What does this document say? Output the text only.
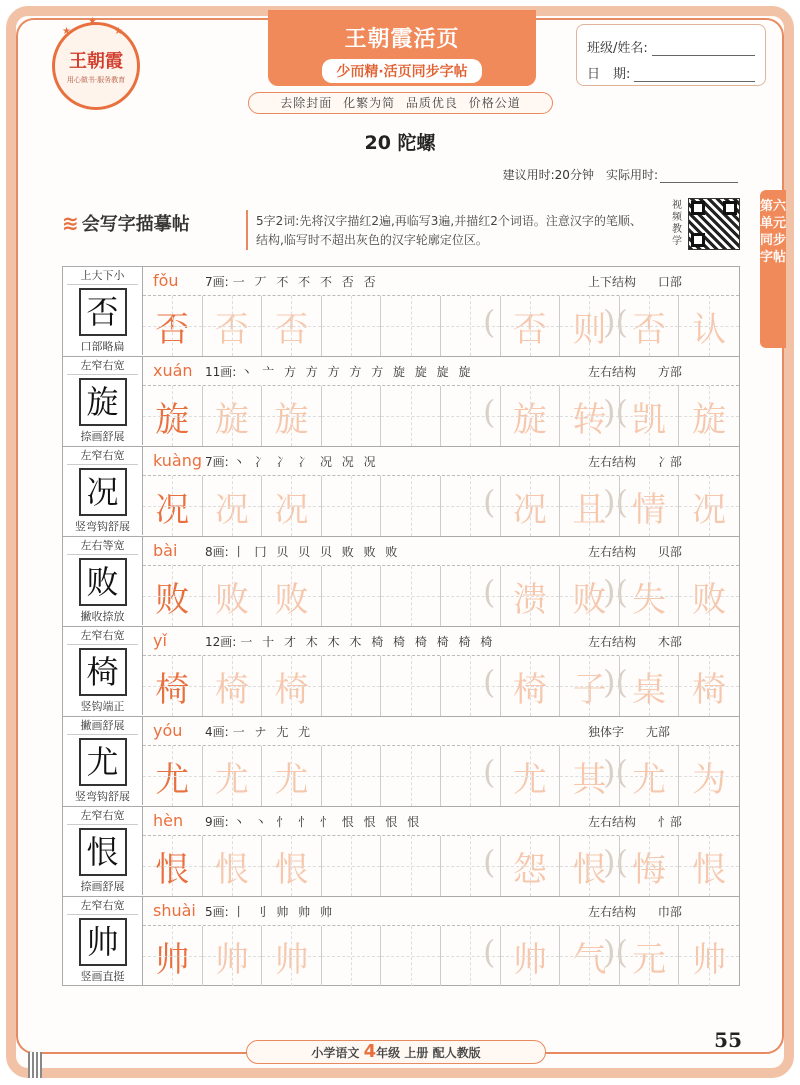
王朝霞
用心做书·服务教育
★
★
★	王朝霞活页
少而精·活页同步字帖
去除封面 化繁为简 品质优良 价格公道
班级/姓名:
日　期:
20 陀螺
建议用时:20分钟 实际用时:
第六单元同步字帖
≋ 会写字描摹帖	5字2词:先将汉字描红2遍,再临写3遍,并描红2个词语。注意汉字的笔顺、结构,临写时不超出灰色的汉字轮廓定位区。
视频教学
上大下小
否
口部略扁
fǒu	7画: 一 丆 不 不 不 否 否	上下结构 口部
否 否 否	否 则 否 认
(	)(
左窄右宽
旋
捺画舒展
xuán	11画: 丶 亠 方 方 方 方 方 旋 旋 旋 旋	左右结构 方部
旋 旋 旋	旋 转 凯 旋
(	)(
左窄右宽
况
竖弯钩舒展
kuàng 7画: 丶 冫 冫 冫 况 况 况	左右结构 冫部
况 况 况	况 且 情 况
(	)(
左右等宽
败
撇收捺放
bài	8画: 丨 冂 贝 贝 贝 败 败 败	左右结构 贝部
败 败 败	溃 败 失 败
(	)(
左窄右宽
椅
竖钩端正
yǐ	12画: 一 十 才 木 木 木 椅 椅 椅 椅 椅 椅	左右结构 木部
椅 椅 椅	椅 子 桌 椅
(	)(
撇画舒展
尤
竖弯钩舒展
yóu	4画: 一 ナ 尢 尤	独体字 尢部
尤 尤 尤	尤 其 尤 为
(	)(
左窄右宽
恨
捺画舒展
hèn	9画: 丶 丶 忄 忄 忄 恨 恨 恨 恨	左右结构 忄部
恨 恨 恨	怨 恨 悔 恨
(	)(
左窄右宽
帅
竖画直挺
shuài 5画: 丨 刂 帅 帅 帅	左右结构 巾部
帅 帅 帅	帅 气 元 帅
(	)(
小学语文 4年级 上册 配人教版
55
